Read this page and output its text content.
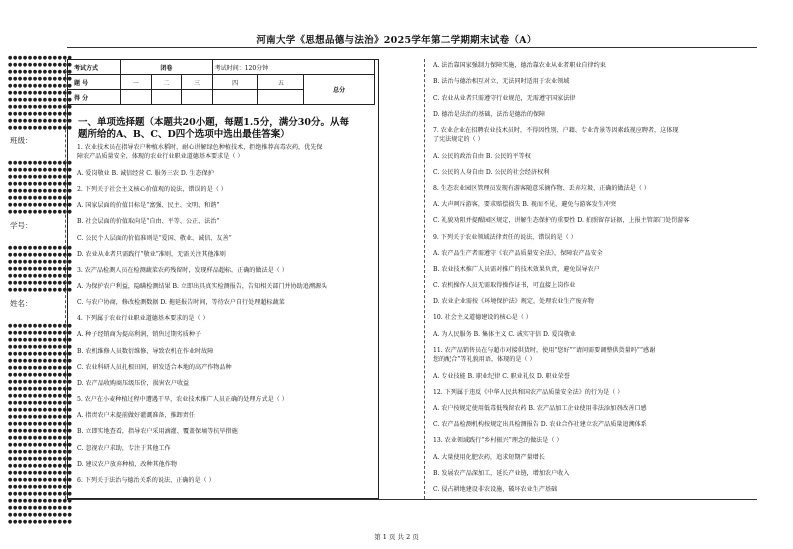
河南大学《思想品德与法治》2025学年第二学期期末试卷（A）
●●●●●●●●●●●●●
●●●●●●●●●●●●●
●●●●●●●●●●●●●
●●●●●●●●●●●●●
●●●●●●●●●●●●●
●●●●●●●●●●●●●
●●●●●●●●●●●●●
●●●●●●●●●●●●●
●●●●●●●●●●●●●
●●●●●●●●●●●●●
●●●●●●●●●●●●●
班级：
●●●●●●●●●●●●●
●●●●●●●●●●●●●
●●●●●●●●●●●●●
●●●●●●●●●●●●●
●●●●●●●●●●●●●
●●●●●●●●●●●●●
●●●●●●●●●●●●●
●●●●●●●●●●●●●
学号：
●●●●●●●●●●●●●
●●●●●●●●●●●●●
●●●●●●●●●●●●●
●●●●●●●●●●●●●
●●●●●●●●●●●●●
●●●●●●●●●●●●●
●●●●●●●●●●●●●
姓名：
●●●●●●●●●●●●●
●●●●●●●●●●●●●
●●●●●●●●●●●●●
●●●●●●●●●●●●●
●●●●●●●●●●●●●
●●●●●●●●●●●●●
●●●●●●●●●●●●●
●●●●●●●●●●●●●
●●●●●●●●●●●●●
●●●●●●●●●●●●●
●●●●●●●●●●●●●
●●●●●●●●●●●●●
●●●●●●●●●●●●●
●●●●●●●●●●●●●
●●●●●●●●●●●●●
●●●●●●●●●●●●●
●●●●●●●●●●●●●
●●●●●●●●●●●●●
●●●●●●●●●●●●●
●●●●●●●●●●●●●
●●●●●●●●●●●●●
●●●●●●●●●●●●●
●●●●●●●●●●●●●
●●●●●●●●●●●●●
●●●●●●●●●●●●●
●●●●●●●●●●●●●
●●●●●●●●●●●●●
●●●●●●●●●●●●●
●●●●●●●●●●●●●
考试方式	闭卷			考试时间：120分钟		
题 号	一	二	三	四	五	总分
得 分						
一、单项选择题（本题共20小题，每题1.5分，满分30分。从每
题所给的A、B、C、D四个选项中选出最佳答案）
1. 农业技术员在指导农户种植水稻时，耐心讲解绿色种植技术，拒绝推荐高毒农药，优先保
障农产品质量安全，体现的农业行业职业道德基本要求是（ ）
A. 爱岗敬业 B. 诚信经营 C. 服务三农 D. 生态保护
2. 下列关于社会主义核心价值观的说法，错误的是（ ）
A. 国家层面的价值目标是“富强、民主、文明、和谐”
B. 社会层面的价值取向是“自由、平等、公正、法治”
C. 公民个人层面的价值准则是“爱国、敬业、诚信、友善”
D. 农业从业者只需践行“敬业”准则，无需关注其他准则
3. 农产品检测人员在检测蔬菜农药残留时，发现样品超标，正确的做法是（ ）
A. 为保护农户利益，隐瞒检测结果 B. 立即出具真实检测报告，告知相关部门并协助追溯源头
C. 与农户协商，修改检测数据 D. 拖延报告时间，等待农户自行处理超标蔬菜
4. 下列属于农业行业职业道德基本要求的是（ ）
A. 种子经销商为提高利润，销售过期劣质种子
B. 农机维修人员数衍维修，导致农机在作业时故障
C. 农业科研人员扎根田间，研发适合本地的高产作物品种
D. 农产品收购商压级压价，损害农户收益
5. 农户在小麦种植过程中遭遇干旱，农业技术推广人员正确的处理方式是（ ）
A. 指责农户未提前做好灌溉准备，推卸责任
B. 立即实地查看，指导农户采用滴灌、覆盖保墒等抗旱措施
C. 忽视农户求助，专注于其他工作
D. 建议农户放弃种植，改种其他作物
6. 下列关于法治与德治关系的说法，正确的是（ ）
A. 法治靠国家强制力保障实施，德治靠农业从业者职业自律约束
B. 法治与德治相互对立，无法同时适用于农业领域
C. 农业从业者只需遵守行业规范，无需遵守国家法律
D. 德治是法治的基础，法治是德治的保障
7. 农业企业在招聘农业技术员时，不得因性别、户籍、专业背景等因素歧视应聘者，这体现
了宪法规定的（ ）
A. 公民的政治自由 B. 公民的平等权
C. 公民的人身自由 D. 公民的社会经济权利
8. 生态农业园区管理员发现有游客随意采摘作物、丢弃垃圾，正确的做法是（ ）
A. 大声呵斥游客，要求赔偿损失 B. 视而不见，避免与游客发生冲突
C. 礼貌劝阻并提醒园区规定，讲解生态保护的重要性 D. 拍照留存证据，上报主管部门处罚游客
9. 下列关于农业领域法律责任的说法，错误的是（ ）
A. 农产品生产者需遵守《农产品质量安全法》，保障农产品安全
B. 农业技术推广人员需对推广的技术效果负责，避免误导农户
C. 农机操作人员无需取得操作证书，可直接上岗作业
D. 农业企业需按《环境保护法》规定，处理农业生产废弃物
10. 社会主义道德建设的核心是（ ）
A. 为人民服务 B. 集体主义 C. 诚实守信 D. 爱岗敬业
11. 农产品销售员在与超市对接供货时，使用“您好”“请问需要调整供货量吗”“感谢
您的配合”等礼貌用语，体现的是（ ）
A. 专业技能 B. 职业纪律 C. 职业礼仪 D. 职业荣誉
12. 下列属于违反《中华人民共和国农产品质量安全法》的行为是（ ）
A. 农户按规定使用低毒低残留农药 B. 农产品加工企业使用非法添加剂改善口感
C. 农产品检测机构按规定出具检测报告 D. 农业合作社建立农产品质量追溯体系
13. 农业领域践行“乡村振兴”理念的做法是（ ）
A. 大量使用化肥农药，追求短期产量增长
B. 发展农产品深加工，延长产业链，增加农户收入
C. 侵占耕地建设非农设施，破坏农业生产基础
第 1 页 共 2 页
